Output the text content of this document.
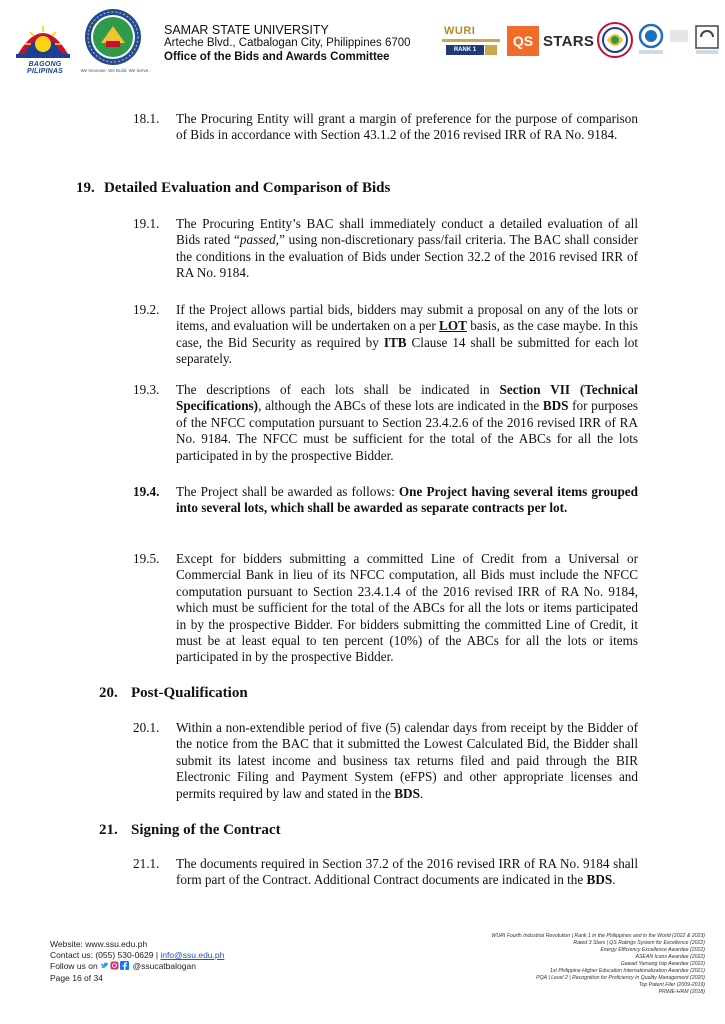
BAGONG PILIPINAS	We Innovate. We Build. We Serve.
SAMAR STATE UNIVERSITY
Arteche Blvd., Catbalogan City, Philippines 6700
Office of the Bids and Awards Committee
WURI
RANK 1
QS STARS
18.1. The Procuring Entity will grant a margin of preference for the purpose of comparison of Bids in accordance with Section 43.1.2 of the 2016 revised IRR of RA No. 9184.
19. Detailed Evaluation and Comparison of Bids
19.1. The Procuring Entity’s BAC shall immediately conduct a detailed evaluation of all Bids rated “passed,” using non-discretionary pass/fail criteria. The BAC shall consider the conditions in the evaluation of Bids under Section 32.2 of the 2016 revised IRR of RA No. 9184.
19.2. If the Project allows partial bids, bidders may submit a proposal on any of the lots or items, and evaluation will be undertaken on a per LOT basis, as the case maybe. In this case, the Bid Security as required by ITB Clause 14 shall be submitted for each lot separately.
19.3. The descriptions of each lots shall be indicated in Section VII (Technical Specifications), although the ABCs of these lots are indicated in the BDS for purposes of the NFCC computation pursuant to Section 23.4.2.6 of the 2016 revised IRR of RA No. 9184. The NFCC must be sufficient for the total of the ABCs for all the lots participated in by the prospective Bidder.
19.4. The Project shall be awarded as follows: One Project having several items grouped into several lots, which shall be awarded as separate contracts per lot.
19.5. Except for bidders submitting a committed Line of Credit from a Universal or Commercial Bank in lieu of its NFCC computation, all Bids must include the NFCC computation pursuant to Section 23.4.1.4 of the 2016 revised IRR of RA No. 9184, which must be sufficient for the total of the ABCs for all the lots or items participated in by the prospective Bidder. For bidders submitting the committed Line of Credit, it must be at least equal to ten percent (10%) of the ABCs for all the lots or items participated in by the prospective Bidder.
20. Post-Qualification
20.1. Within a non-extendible period of five (5) calendar days from receipt by the Bidder of the notice from the BAC that it submitted the Lowest Calculated Bid, the Bidder shall submit its latest income and business tax returns filed and paid through the BIR Electronic Filing and Payment System (eFPS) and other appropriate licenses and permits required by law and stated in the BDS.
21. Signing of the Contract
21.1. The documents required in Section 37.2 of the 2016 revised IRR of RA No. 9184 shall form part of the Contract. Additional Contract documents are indicated in the BDS.
Website: www.ssu.edu.ph
Contact us: (055) 530-0629 | info@ssu.edu.ph
Follow us on	@ssucatbalogan
Page 16 of 34
WURI Fourth Industrial Revolution | Rank 1 in the Philippines and in the World (2022 & 2023)
Rated 3 Stars | QS Ratings System for Excellence (2022)
Energy Efficiency Excellence Awardee (2022)
ASEAN Icons Awardee (2022)
Gawad Yamang Isip Awardee (2022)
1st Philippine Higher Education Internationalization Awardee (2021)
PQA | Level 2 | Recognition for Proficiency in Quality Management (2020)
Top Patent Filer (2009-2019)
PRIME-HRM (2018)
